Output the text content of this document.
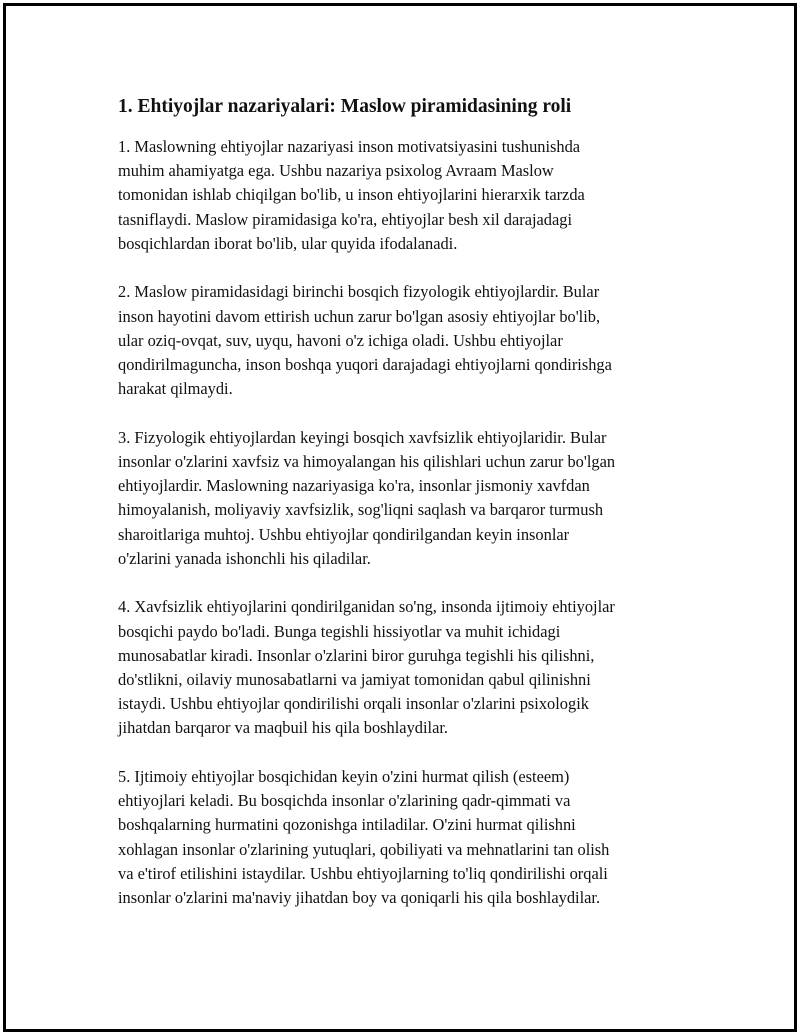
1. Ehtiyojlar nazariyalari: Maslow piramidasining roli
1. Maslowning ehtiyojlar nazariyasi inson motivatsiyasini tushunishda
muhim ahamiyatga ega. Ushbu nazariya psixolog Avraam Maslow
tomonidan ishlab chiqilgan bo'lib, u inson ehtiyojlarini hierarxik tarzda
tasniflaydi. Maslow piramidasiga ko'ra, ehtiyojlar besh xil darajadagi
bosqichlardan iborat bo'lib, ular quyida ifodalanadi.
2. Maslow piramidasidagi birinchi bosqich fizyologik ehtiyojlardir. Bular
inson hayotini davom ettirish uchun zarur bo'lgan asosiy ehtiyojlar bo'lib,
ular oziq-ovqat, suv, uyqu, havoni o'z ichiga oladi. Ushbu ehtiyojlar
qondirilmaguncha, inson boshqa yuqori darajadagi ehtiyojlarni qondirishga
harakat qilmaydi.
3. Fizyologik ehtiyojlardan keyingi bosqich xavfsizlik ehtiyojlaridir. Bular
insonlar o'zlarini xavfsiz va himoyalangan his qilishlari uchun zarur bo'lgan
ehtiyojlardir. Maslowning nazariyasiga ko'ra, insonlar jismoniy xavfdan
himoyalanish, moliyaviy xavfsizlik, sog'liqni saqlash va barqaror turmush
sharoitlariga muhtoj. Ushbu ehtiyojlar qondirilgandan keyin insonlar
o'zlarini yanada ishonchli his qiladilar.
4. Xavfsizlik ehtiyojlarini qondirilganidan so'ng, insonda ijtimoiy ehtiyojlar
bosqichi paydo bo'ladi. Bunga tegishli hissiyotlar va muhit ichidagi
munosabatlar kiradi. Insonlar o'zlarini biror guruhga tegishli his qilishni,
do'stlikni, oilaviy munosabatlarni va jamiyat tomonidan qabul qilinishni
istaydi. Ushbu ehtiyojlar qondirilishi orqali insonlar o'zlarini psixologik
jihatdan barqaror va maqbuil his qila boshlaydilar.
5. Ijtimoiy ehtiyojlar bosqichidan keyin o'zini hurmat qilish (esteem)
ehtiyojlari keladi. Bu bosqichda insonlar o'zlarining qadr-qimmati va
boshqalarning hurmatini qozonishga intiladilar. O'zini hurmat qilishni
xohlagan insonlar o'zlarining yutuqlari, qobiliyati va mehnatlarini tan olish
va e'tirof etilishini istaydilar. Ushbu ehtiyojlarning to'liq qondirilishi orqali
insonlar o'zlarini ma'naviy jihatdan boy va qoniqarli his qila boshlaydilar.
